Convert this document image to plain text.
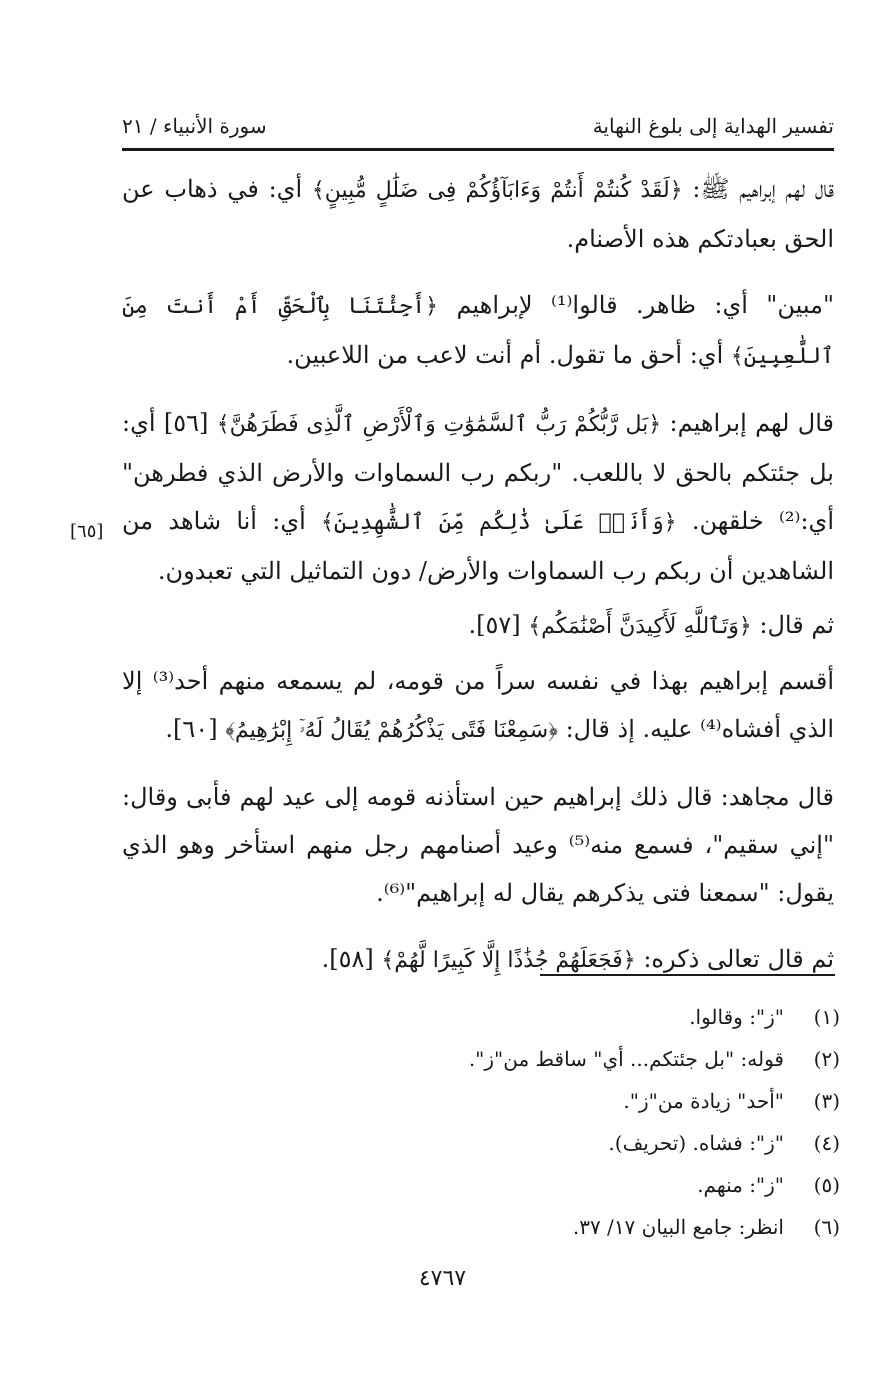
تفسير الهداية إلى بلوغ النهاية
سورة الأنبياء / ٢١
[٦٥]

قال لهم إبراهيم ﷺ: ﴿لَقَدْ كُنتُمْ أَنتُمْ وَءَابَآؤُكُمْ فِى ضَلَٰلٍ مُّبِينٍ﴾ أي: في ذهاب عن الحق بعبادتكم هذه الأصنام.

"مبين" أي: ظاهر. قالوا⁽¹⁾ لإبراهيم ﴿أَجِئْتَنَا بِٱلْحَقِّ أَمْ أَنتَ مِنَ ٱللَّٰعِبِينَ﴾ أي: أحق ما تقول. أم أنت لاعب من اللاعبين.

قال لهم إبراهيم: ﴿بَل رَّبُّكُمْ رَبُّ ٱلسَّمَٰوَٰتِ وَٱلْأَرْضِ ٱلَّذِى فَطَرَهُنَّ﴾ [٥٦] أي: بل جئتكم بالحق لا باللعب. "ربكم رب السماوات والأرض الذي فطرهن" أي:⁽²⁾ خلقهن. ﴿وَأَنَا۠ عَلَىٰ ذَٰلِكُم مِّنَ ٱلشَّٰهِدِينَ﴾ أي: أنا شاهد من الشاهدين أن ربكم رب السماوات والأرض/ دون التماثيل التي تعبدون.

ثم قال: ﴿وَتَٱللَّهِ لَأَكِيدَنَّ أَصْنَٰمَكُم﴾ [٥٧].

أقسم إبراهيم بهذا في نفسه سراً من قومه، لم يسمعه منهم أحد⁽³⁾ إلا الذي أفشاه⁽⁴⁾ عليه. إذ قال: ﴿سَمِعْنَا فَتًى يَذْكُرُهُمْ يُقَالُ لَهُۥٓ إِبْرَٰهِيمُ﴾ [٦٠].

قال مجاهد: قال ذلك إبراهيم حين استأذنه قومه إلى عيد لهم فأبى وقال: "إني سقيم"، فسمع منه⁽⁵⁾ وعيد أصنامهم رجل منهم استأخر وهو الذي يقول: "سمعنا فتى يذكرهم يقال له إبراهيم"⁽⁶⁾.

ثم قال تعالى ذكره: ﴿فَجَعَلَهُمْ جُذَٰذًا إِلَّا كَبِيرًا لَّهُمْ﴾ [٥٨].

(١)
"ز": وقالوا.
(٢)
قوله: "بل جئتكم... أي" ساقط من"ز".
(٣)
"أحد" زيادة من"ز".
(٤)
"ز": فشاه. (تحريف).
(٥)
"ز": منهم.
(٦)
انظر: جامع البيان ١٧/ ٣٧.
٤٧٦٧
